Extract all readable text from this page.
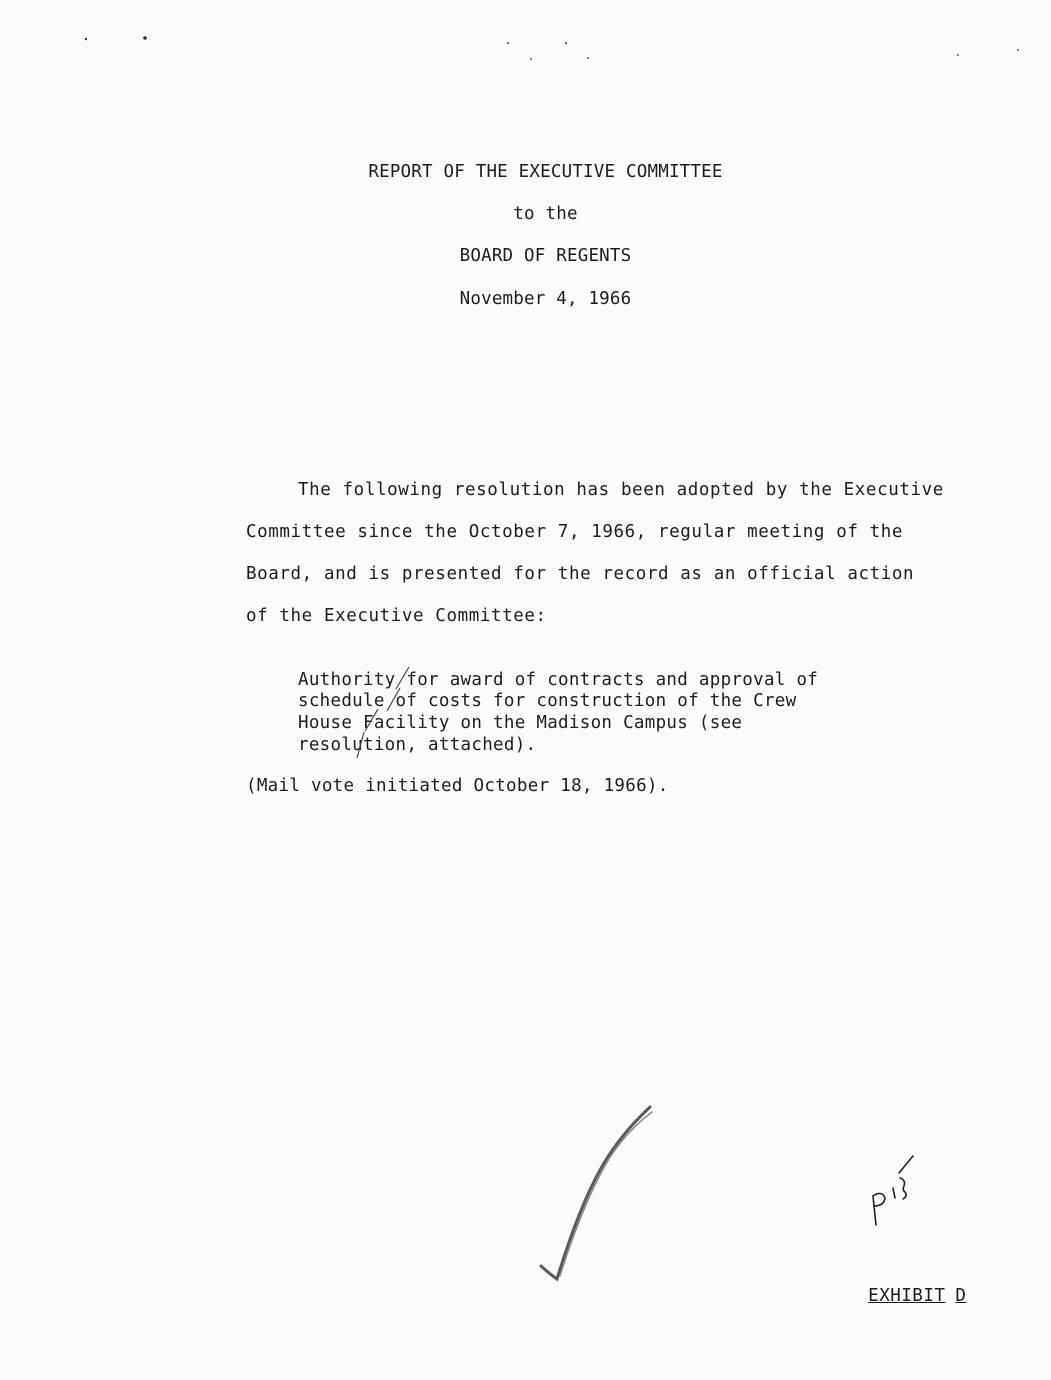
REPORT OF THE EXECUTIVE COMMITTEE
to the
BOARD OF REGENTS
November 4, 1966
The following resolution has been adopted by the Executive
Committee since the October 7, 1966, regular meeting of the
Board, and is presented for the record as an official action
of the Executive Committee:
Authority for award of contracts and approval of
schedule of costs for construction of the Crew
House Facility on the Madison Campus (see
resolution, attached).
(Mail vote initiated October 18, 1966).

EXHIBIT D
